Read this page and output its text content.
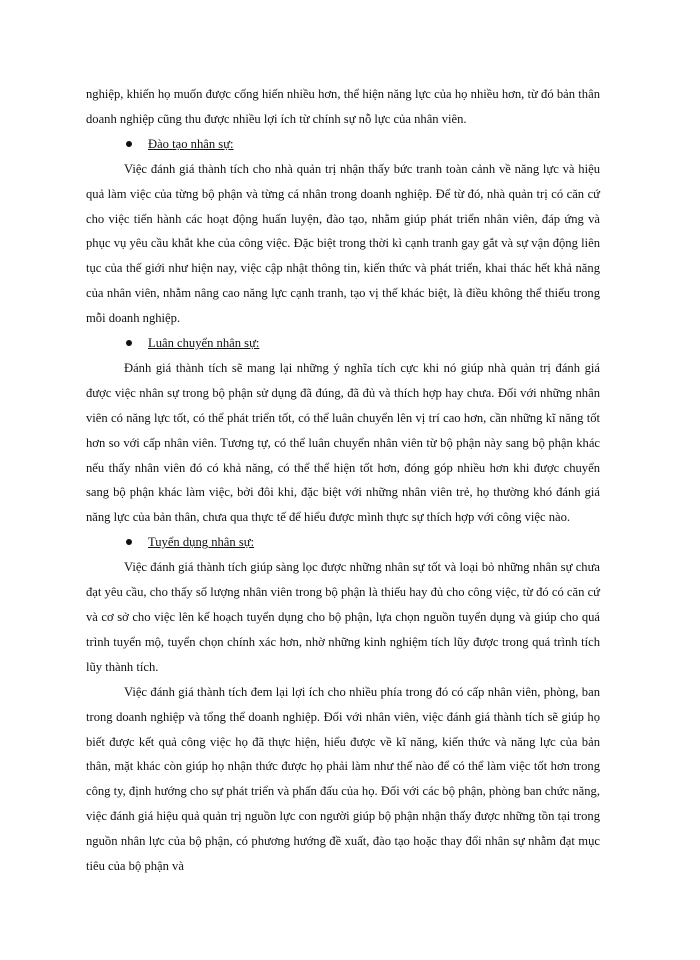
nghiệp, khiến họ muốn được cống hiến nhiều hơn, thể hiện năng lực của họ nhiều hơn, từ đó bản thân doanh nghiệp cũng thu được nhiều lợi ích từ chính sự nỗ lực của nhân viên.

Đào tạo nhân sự:

Việc đánh giá thành tích cho nhà quản trị nhận thấy bức tranh toàn cảnh về năng lực và hiệu quả làm việc của từng bộ phận và từng cá nhân trong doanh nghiệp. Để từ đó, nhà quản trị có căn cứ cho việc tiến hành các hoạt động huấn luyện, đào tạo, nhằm giúp phát triển nhân viên, đáp ứng và phục vụ yêu cầu khắt khe của công việc. Đặc biệt trong thời kì cạnh tranh gay gắt và sự vận động liên tục của thế giới như hiện nay, việc cập nhật thông tin, kiến thức và phát triển, khai thác hết khả năng của nhân viên, nhằm nâng cao năng lực cạnh tranh, tạo vị thế khác biệt, là điều không thể thiếu trong mỗi doanh nghiệp.

Luân chuyển nhân sự:

Đánh giá thành tích sẽ mang lại những ý nghĩa tích cực khi nó giúp nhà quản trị đánh giá được việc nhân sự trong bộ phận sử dụng đã đúng, đã đủ và thích hợp hay chưa. Đối với những nhân viên có năng lực tốt, có thể phát triển tốt, có thể luân chuyển lên vị trí cao hơn, cần những kĩ năng tốt hơn so với cấp nhân viên. Tương tự, có thể luân chuyển nhân viên từ bộ phận này sang bộ phận khác nếu thấy nhân viên đó có khả năng, có thể thể hiện tốt hơn, đóng góp nhiều hơn khi được chuyển sang bộ phận khác làm việc, bởi đôi khi, đặc biệt với những nhân viên trẻ, họ thường khó đánh giá năng lực của bản thân, chưa qua thực tế để hiểu được mình thực sự thích hợp với công việc nào.

Tuyển dụng nhân sự:

Việc đánh giá thành tích giúp sàng lọc được những nhân sự tốt và loại bỏ những nhân sự chưa đạt yêu cầu, cho thấy số lượng nhân viên trong bộ phận là thiếu hay đủ cho công việc, từ đó có căn cứ và cơ sở cho việc lên kế hoạch tuyển dụng cho bộ phận, lựa chọn nguồn tuyển dụng và giúp cho quá trình tuyển mộ, tuyển chọn chính xác hơn, nhờ những kinh nghiệm tích lũy được trong quá trình tích lũy thành tích.

Việc đánh giá thành tích đem lại lợi ích cho nhiều phía trong đó có cấp nhân viên, phòng, ban trong doanh nghiệp và tổng thể doanh nghiệp. Đối với nhân viên, việc đánh giá thành tích sẽ giúp họ biết được kết quả công việc họ đã thực hiện, hiểu được về kĩ năng, kiến thức và năng lực của bản thân, mặt khác còn giúp họ nhận thức được họ phải làm như thế nào để có thể làm việc tốt hơn trong công ty, định hướng cho sự phát triển và phấn đấu của họ. Đối với các bộ phận, phòng ban chức năng, việc đánh giá hiệu quả quản trị nguồn lực con người giúp bộ phận nhận thấy được những tồn tại trong nguồn nhân lực của bộ phận, có phương hướng đề xuất, đào tạo hoặc thay đổi nhân sự nhằm đạt mục tiêu của bộ phận và
